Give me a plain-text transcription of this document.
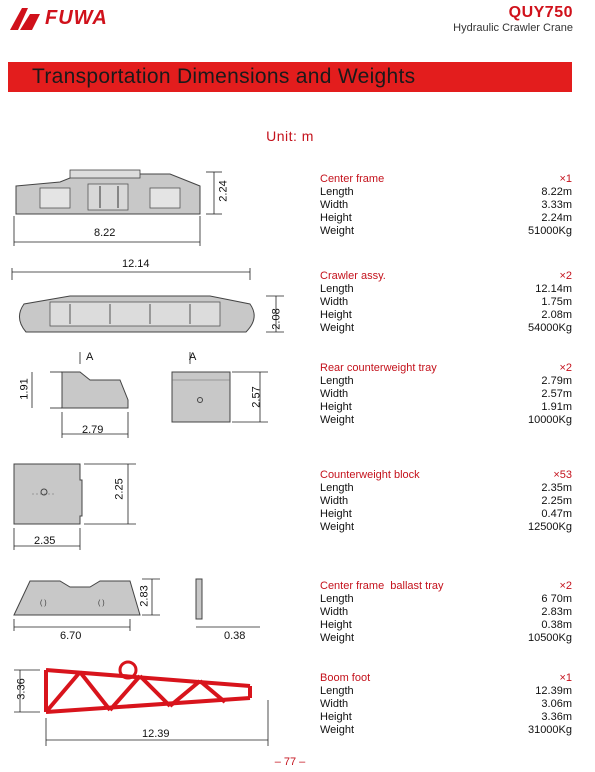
FUWA	QUY750
Hydraulic Crawler Crane
Transportation Dimensions and Weights
Unit: m
8.22
2.24
12.14
2.08
A	A
1.91
2.79
2.57
2.25
2.35
( )	( )	2.83
6.70	0.38
3.36
12.39
Center frame	×1
Length	8.22m
Width	3.33m
Height	2.24m
Weight	51000Kg
Crawler assy.	×2
Length	12.14m
Width	1.75m
Height	2.08m
Weight	54000Kg
Rear counterweight tray	×2
Length	2.79m
Width	2.57m
Height	1.91m
Weight	10000Kg
Counterweight block	×53
Length	2.35m
Width	2.25m
Height	0.47m
Weight	12500Kg
Center frame  ballast tray	×2
Length	6 70m
Width	2.83m
Height	0.38m
Weight	10500Kg
Boom foot	×1
Length	12.39m
Width	3.06m
Height	3.36m
Weight	31000Kg
– 77 –
